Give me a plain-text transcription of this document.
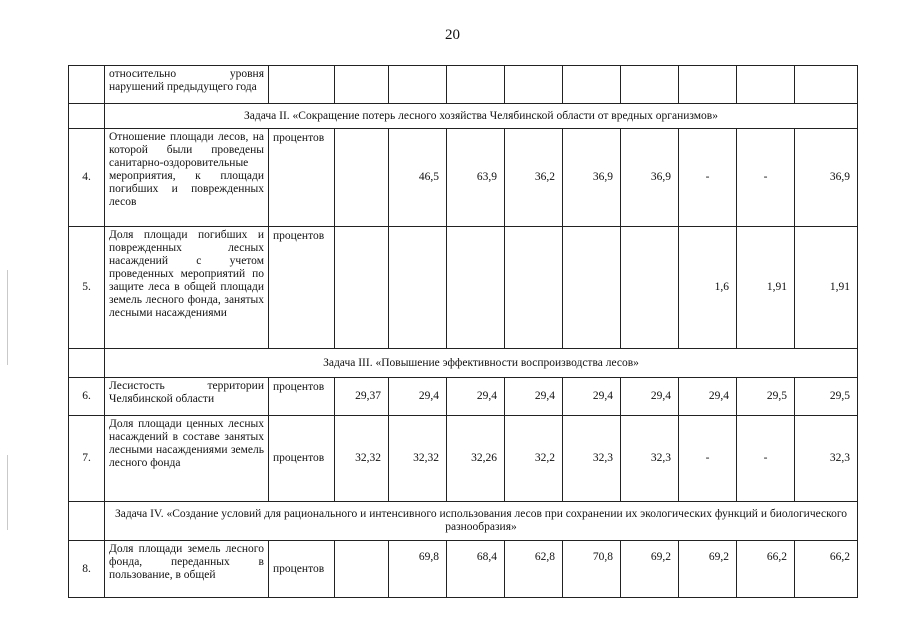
20
	относительно уровня нарушений предыдущего года										
	Задача II. «Сокращение потерь лесного хозяйства Челябинской области от вредных организмов»										
4.	Отношение площади лесов, на которой были проведены санитарно-оздоровительные мероприятия, к площади погибших и поврежденных лесов	процентов		46,5	63,9	36,2	36,9	36,9	-	-	36,9
5.	Доля площади погибших и поврежденных лесных насаждений с учетом проведенных мероприятий по защите леса в общей площади земель лесного фонда, занятых лесными насаждениями	процентов							1,6	1,91	1,91
	Задача III. «Повышение эффективности воспроизводства лесов»										
6.	Лесистость территории Челябинской области	процентов	29,37	29,4	29,4	29,4	29,4	29,4	29,4	29,5	29,5
7.	Доля площади ценных лесных насаждений в составе занятых лесными насаждениями земель лесного фонда	процентов	32,32	32,32	32,26	32,2	32,3	32,3	-	-	32,3
	Задача IV. «Создание условий для рационального и интенсивного использования лесов при сохранении их экологических функций и биологического разнообразия»										
8.	Доля площади земель лесного фонда, переданных в пользование, в общей	процентов		69,8	68,4	62,8	70,8	69,2	69,2	66,2	66,2
